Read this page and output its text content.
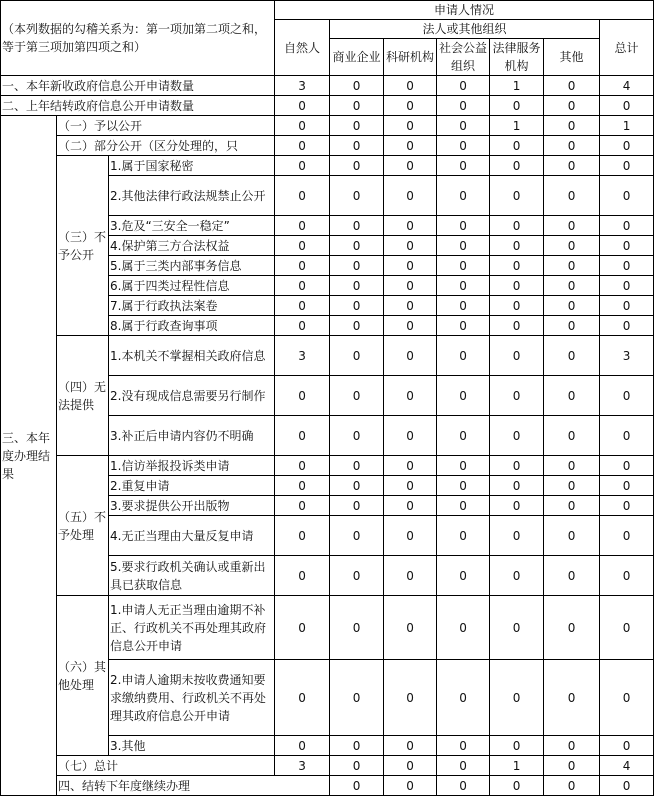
（本列数据的勾稽关系为：第一项加第二项之和，等于第三项加第四项之和）			申请人情况							
			自然人	法人或其他组织					总计	
				商业企业	科研机构	社会公益组织	法律服务机构	其他		
一、本年新收政府信息公开申请数量			3	0	0	0	1	0	4	
二、上年结转政府信息公开申请数量			0	0	0	0	0	0	0	
三、本年度办理结果	（一）予以公开		0	0	0	0	1	0	1	
	（二）部分公开（区分处理的，只		0	0	0	0	0	0	0	
	（三）不予公开	1.属于国家秘密	0	0	0	0	0	0	0	
		2.其他法律行政法规禁止公开	0	0	0	0	0	0	0	
		3.危及“三安全一稳定”	0	0	0	0	0	0	0	
		4.保护第三方合法权益	0	0	0	0	0	0	0	
		5.属于三类内部事务信息	0	0	0	0	0	0	0	
		6.属于四类过程性信息	0	0	0	0	0	0	0	
		7.属于行政执法案卷	0	0	0	0	0	0	0	
		8.属于行政查询事项	0	0	0	0	0	0	0	
	（四）无法提供	1.本机关不掌握相关政府信息	3	0	0	0	0	0	3	
		2.没有现成信息需要另行制作	0	0	0	0	0	0	0	
		3.补正后申请内容仍不明确	0	0	0	0	0	0	0	
	（五）不予处理	1.信访举报投诉类申请	0	0	0	0	0	0	0	
		2.重复申请	0	0	0	0	0	0	0	
		3.要求提供公开出版物	0	0	0	0	0	0	0	
		4.无正当理由大量反复申请	0	0	0	0	0	0	0	
		5.要求行政机关确认或重新出具已获取信息	0	0	0	0	0	0	0	
	（六）其他处理	1.申请人无正当理由逾期不补正、行政机关不再处理其政府信息公开申请	0	0	0	0	0	0	0	
		2.申请人逾期未按收费通知要求缴纳费用、行政机关不再处理其政府信息公开申请	0	0	0	0	0	0	0	
		3.其他	0	0	0	0	0	0	0	
	（七）总计		3	0	0	0	1	0	4	
	四、结转下年度继续办理			0	0	0	0	0	0	
